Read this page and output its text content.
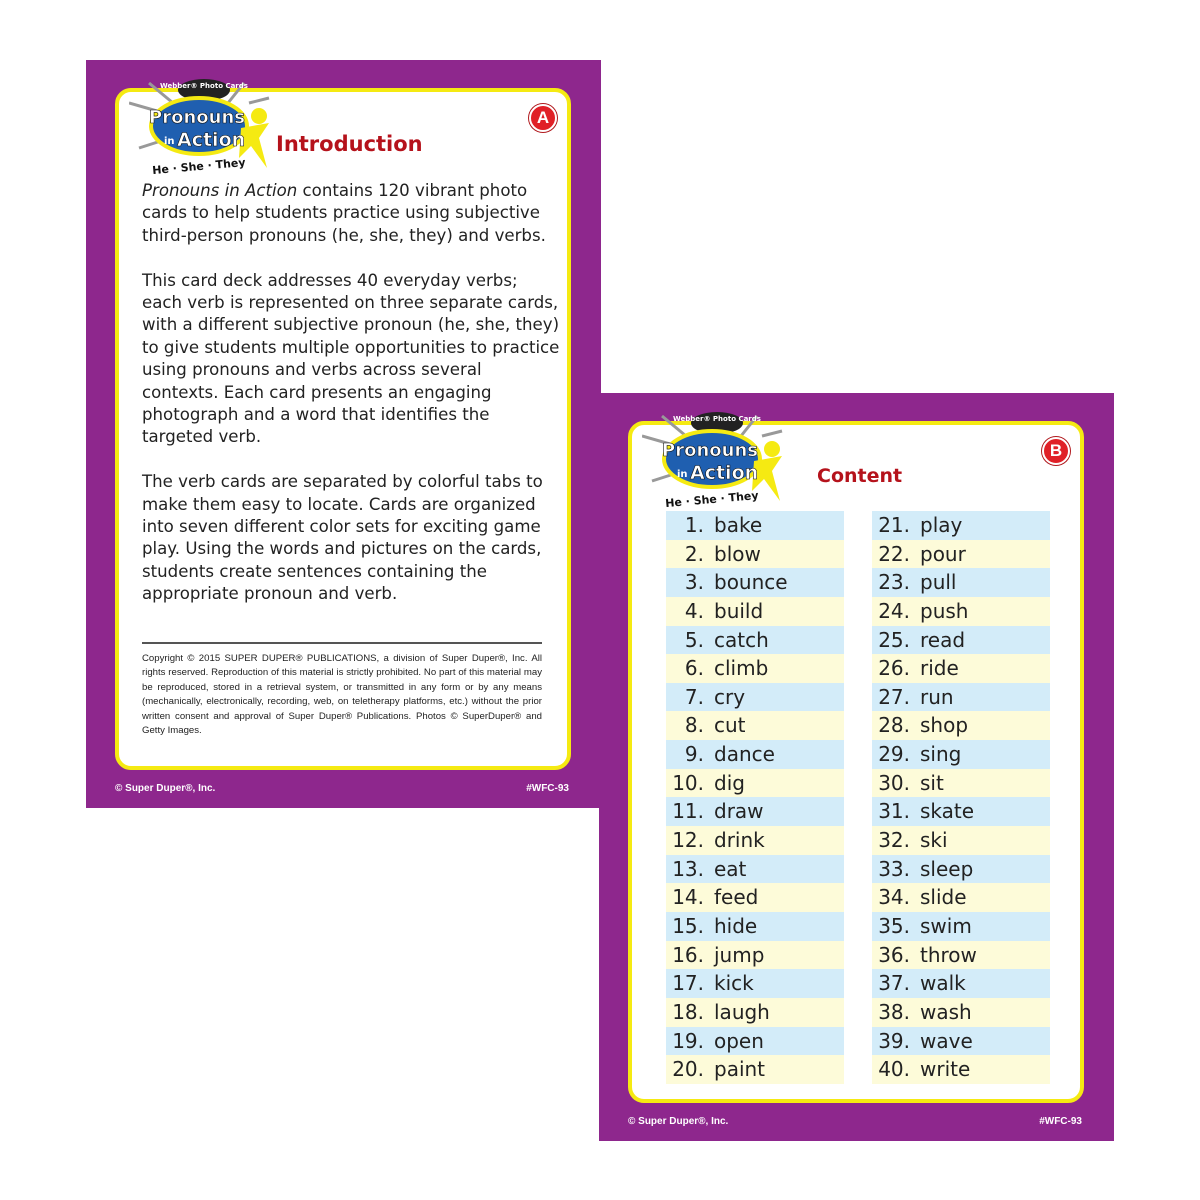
Webber® Photo Cards
Pronouns
in Action
He · She · They
A
Introduction

Pronouns in Action contains 120 vibrant photo cards to help students practice using subjective third-person pronouns (he, she, they) and verbs.

This card deck addresses 40 everyday verbs; each verb is represented on three separate cards, with a different subjective pronoun (he, she, they) to give students multiple opportunities to practice using pronouns and verbs across several contexts. Each card presents an engaging photograph and a word that identifies the targeted verb.

The verb cards are separated by colorful tabs to make them easy to locate. Cards are organized into seven different color sets for exciting game play. Using the words and pictures on the cards, students create sentences containing the appropriate pronoun and verb.

Copyright © 2015 SUPER DUPER® PUBLICATIONS, a division of Super Duper®, Inc. All rights reserved. Reproduction of this material is strictly prohibited. No part of this material may be reproduced, stored in a retrieval system, or transmitted in any form or by any means (mechanically, electronically, recording, web, on teletherapy platforms, etc.) without the prior written consent and approval of Super Duper® Publications. Photos © SuperDuper® and Getty Images.
© Super Duper®, Inc.	#WFC-93
Webber® Photo Cards
Pronouns
in Action
He · She · They
B
Content
1. bake
2. blow
3. bounce
4. build
5. catch
6. climb
7. cry
8. cut
9. dance
10. dig
11. draw
12. drink
13. eat
14. feed
15. hide
16. jump
17. kick
18. laugh
19. open
20. paint
21. play
22. pour
23. pull
24. push
25. read
26. ride
27. run
28. shop
29. sing
30. sit
31. skate
32. ski
33. sleep
34. slide
35. swim
36. throw
37. walk
38. wash
39. wave
40. write
© Super Duper®, Inc.	#WFC-93
